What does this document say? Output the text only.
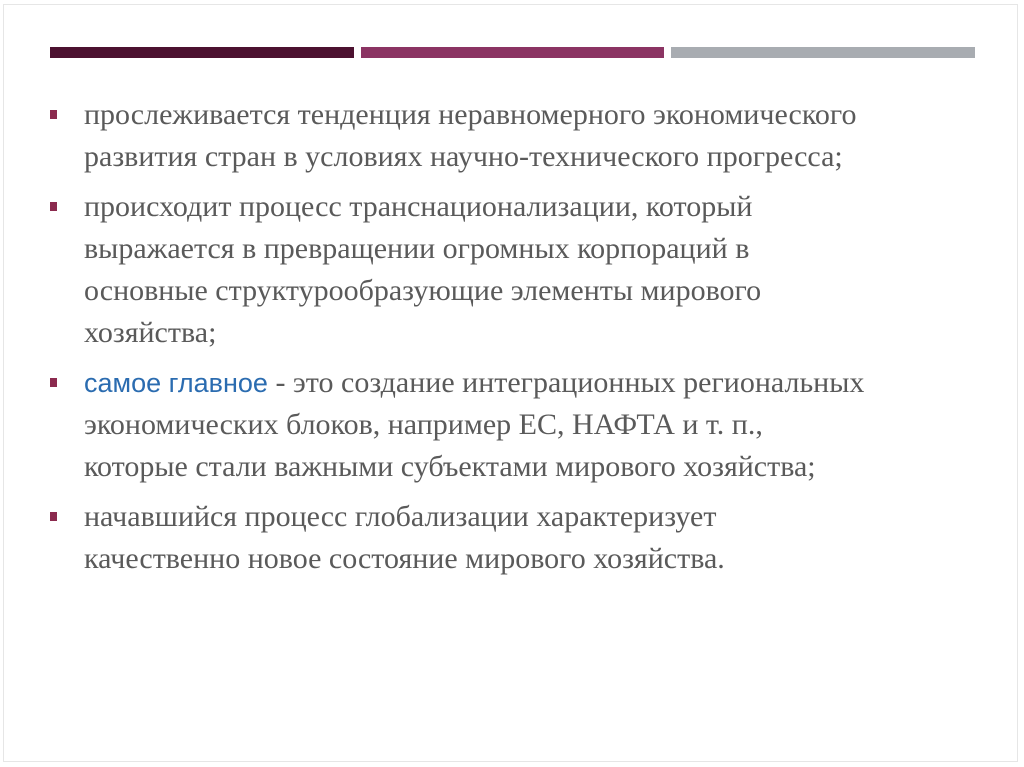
прослеживается тенденция неравномерного экономического
развития стран в условиях научно-технического прогресса;
происходит процесс транснационализации, который
выражается в превращении огромных корпораций в
основные структурообразующие элементы мирового
хозяйства;
самое главное - это создание интеграционных региональных
экономических блоков, например ЕС, НАФТА и т. п.,
которые стали важными субъектами мирового хозяйства;
начавшийся процесс глобализации характеризует
качественно новое состояние мирового хозяйства.
